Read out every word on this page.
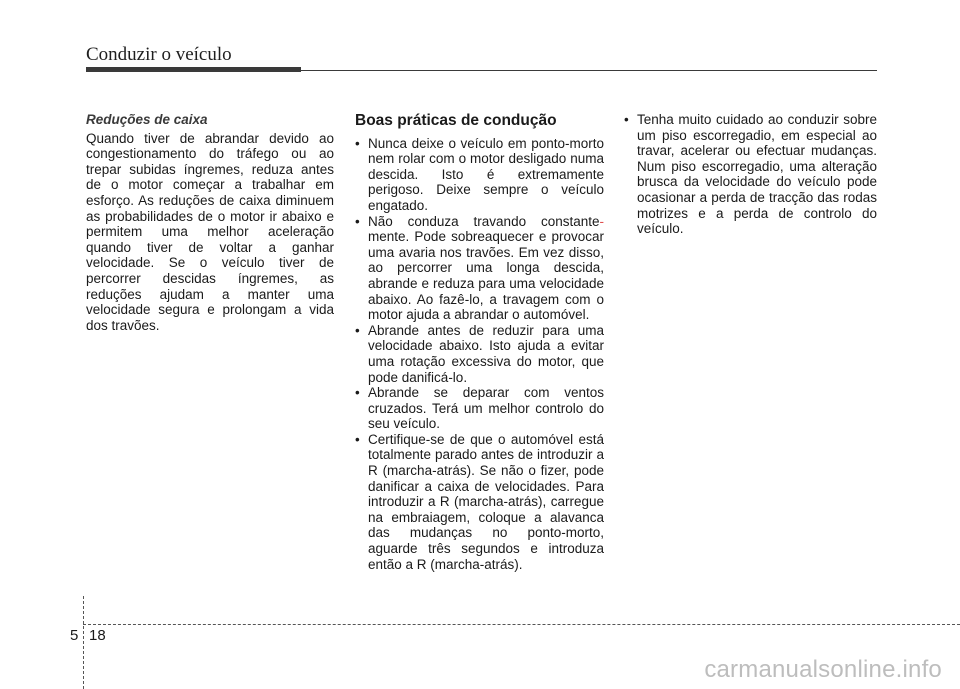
Conduzir o veículo
Reduções de caixa

Quando tiver de abrandar devido ao congestionamento do tráfego ou ao trepar subidas íngremes, reduza antes de o motor começar a trabalhar em esforço. As reduções de caixa diminuem as probabilidades de o motor ir abaixo e permitem uma melhor aceleração quando tiver de voltar a ganhar velocidade. Se o veículo tiver de percorrer descidas íngremes, as reduções ajudam a manter uma velocidade segura e prolongam a vida dos travões.

Boas práticas de condução
• Nunca deixe o veículo em ponto-morto nem rolar com o motor desligado numa descida. Isto é extremamente perigoso. Deixe sempre o veículo engatado.
• Não conduza travando constante- mente. Pode sobreaquecer e provocar uma avaria nos travões. Em vez disso, ao percorrer uma longa descida, abrande e reduza para uma velocidade abaixo. Ao fazê-lo, a travagem com o motor ajuda a abrandar o automóvel.
• Abrande antes de reduzir para uma velocidade abaixo. Isto ajuda a evitar uma rotação excessiva do motor, que pode danificá-lo.
• Abrande se deparar com ventos cruzados. Terá um melhor controlo do seu veículo.
• Certifique-se de que o automóvel está totalmente parado antes de introduzir a R (marcha-atrás). Se não o fizer, pode danificar a caixa de velocidades. Para introduzir a R (marcha-atrás), carregue na embraiagem, coloque a alavanca das mudanças no ponto-morto, aguarde três segundos e introduza então a R (marcha-atrás).
• Tenha muito cuidado ao conduzir sobre um piso escorregadio, em especial ao travar, acelerar ou efectuar mudanças. Num piso escorregadio, uma alteração brusca da velocidade do veículo pode ocasionar a perda de tracção das rodas motrizes e a perda de controlo do veículo.
5 18
carmanualsonline.info
